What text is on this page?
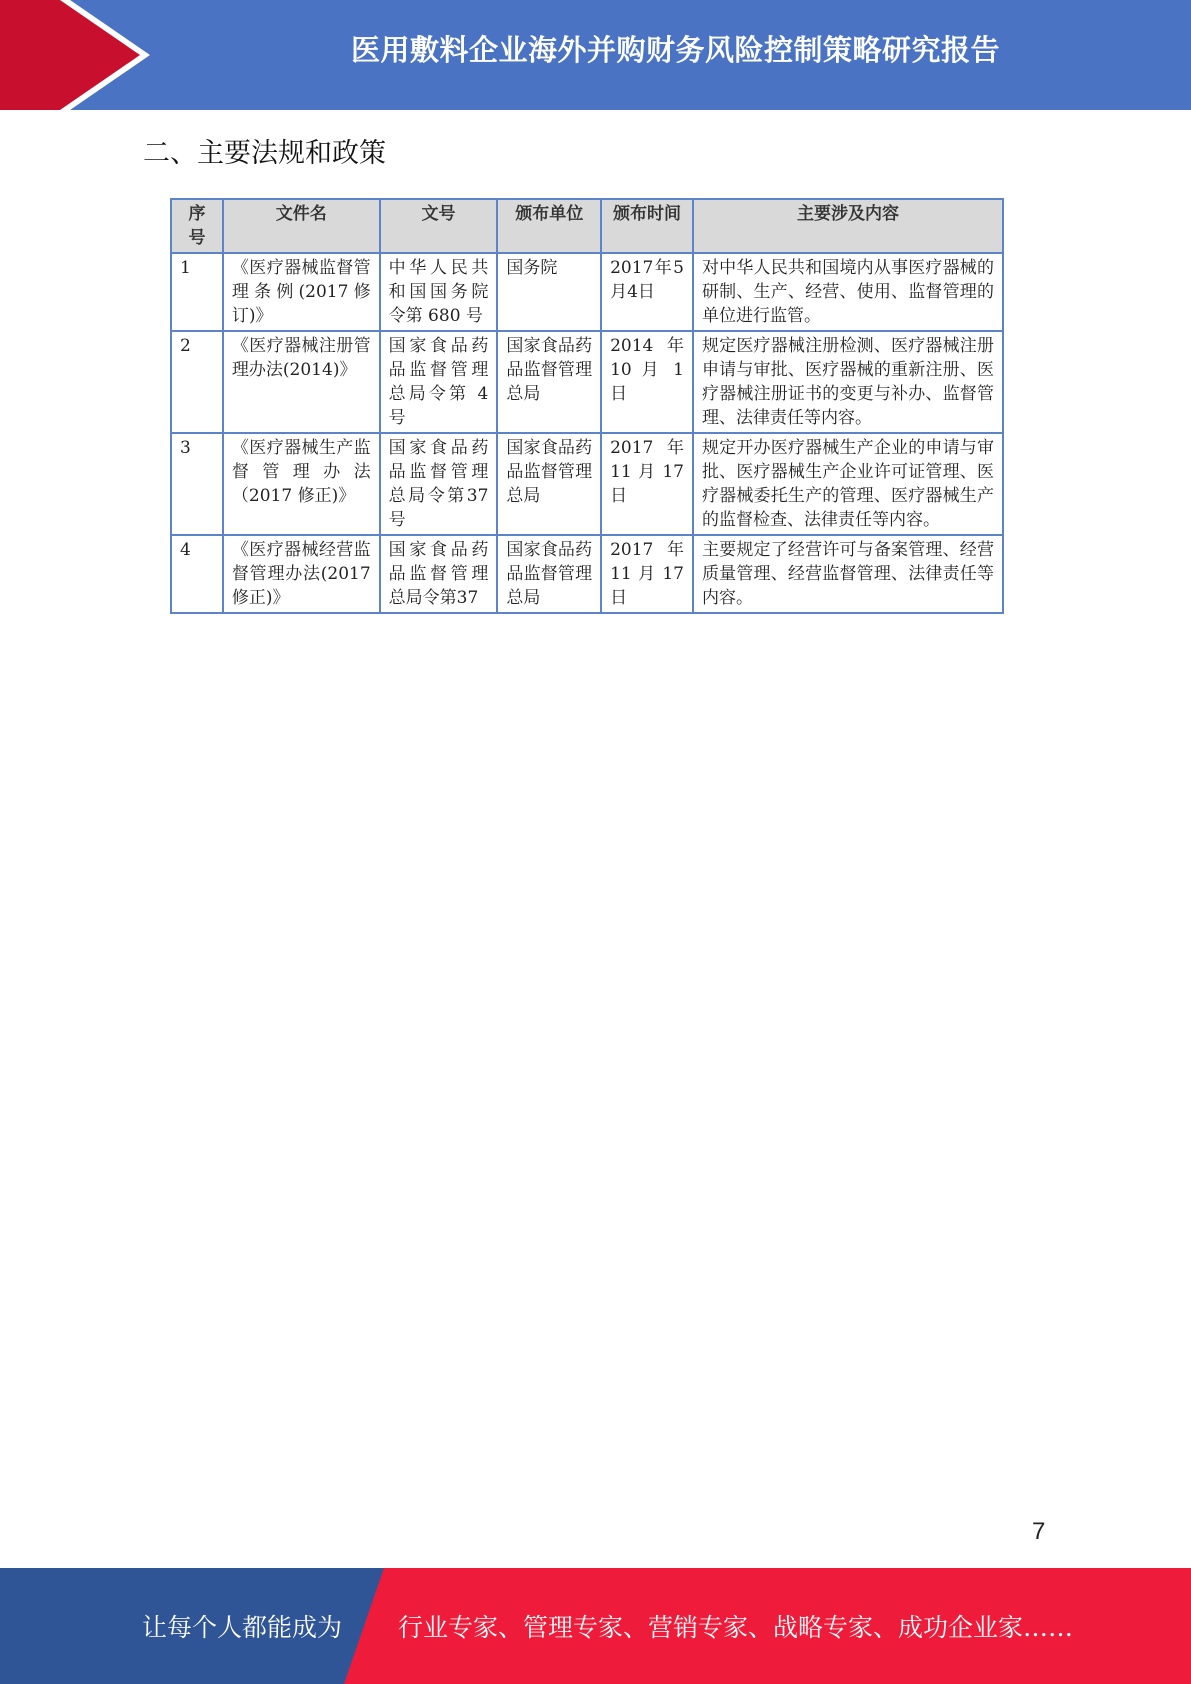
医用敷料企业海外并购财务风险控制策略研究报告
二、主要法规和政策
序号	文件名	文号	颁布单位	颁布时间	主要涉及内容
1	《医疗器械监督管理条例(2017修订)》	中华人民共和国国务院令第 680 号	国务院	2017年5月4日	对中华人民共和国境内从事医疗器械的研制、生产、经营、使用、监督管理的单位进行监管。
2	《医疗器械注册管理办法(2014)》	国家食品药品监督管理总局令第 4 号	国家食品药品监督管理总局	2014 年 10 月 1 日	规定医疗器械注册检测、医疗器械注册申请与审批、医疗器械的重新注册、医疗器械注册证书的变更与补办、监督管理、法律责任等内容。
3	《医疗器械生产监督管理办法（2017 修正)》	国家食品药品监督管理总局令第37号	国家食品药品监督管理总局	2017 年 11 月 17 日	规定开办医疗器械生产企业的申请与审批、医疗器械生产企业许可证管理、医疗器械委托生产的管理、医疗器械生产的监督检查、法律责任等内容。
4	《医疗器械经营监督管理办法(2017 修正)》	国家食品药品监督管理总局令第37	国家食品药品监督管理总局	2017 年 11 月 17 日	主要规定了经营许可与备案管理、经营质量管理、经营监督管理、法律责任等内容。
7
让每个人都能成为 行业专家、管理专家、营销专家、战略专家、成功企业家……
